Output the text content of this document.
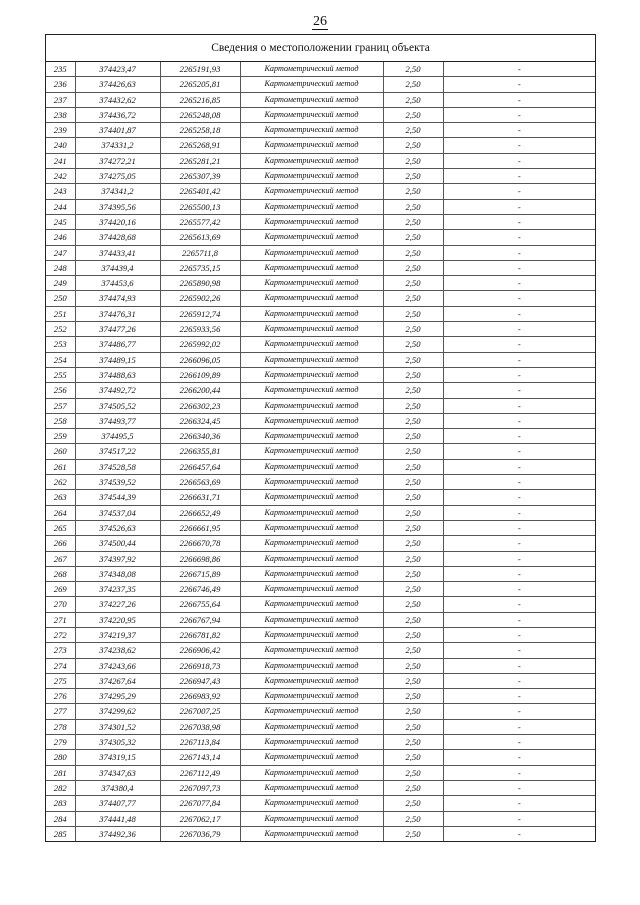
26
Сведения о местоположении границ объекта
235	374423,47	2265191,93	Картометрический метод	2,50	-
236	374426,63	2265205,81	Картометрический метод	2,50	-
237	374432,62	2265216,85	Картометрический метод	2,50	-
238	374436,72	2265248,08	Картометрический метод	2,50	-
239	374401,87	2265258,18	Картометрический метод	2,50	-
240	374331,2	2265268,91	Картометрический метод	2,50	-
241	374272,21	2265281,21	Картометрический метод	2,50	-
242	374275,05	2265307,39	Картометрический метод	2,50	-
243	374341,2	2265401,42	Картометрический метод	2,50	-
244	374395,56	2265500,13	Картометрический метод	2,50	-
245	374420,16	2265577,42	Картометрический метод	2,50	-
246	374428,68	2265613,69	Картометрический метод	2,50	-
247	374433,41	2265711,8	Картометрический метод	2,50	-
248	374439,4	2265735,15	Картометрический метод	2,50	-
249	374453,6	2265890,98	Картометрический метод	2,50	-
250	374474,93	2265902,26	Картометрический метод	2,50	-
251	374476,31	2265912,74	Картометрический метод	2,50	-
252	374477,26	2265933,56	Картометрический метод	2,50	-
253	374486,77	2265992,02	Картометрический метод	2,50	-
254	374489,15	2266096,05	Картометрический метод	2,50	-
255	374488,63	2266109,89	Картометрический метод	2,50	-
256	374492,72	2266200,44	Картометрический метод	2,50	-
257	374505,52	2266302,23	Картометрический метод	2,50	-
258	374493,77	2266324,45	Картометрический метод	2,50	-
259	374495,5	2266340,36	Картометрический метод	2,50	-
260	374517,22	2266355,81	Картометрический метод	2,50	-
261	374528,58	2266457,64	Картометрический метод	2,50	-
262	374539,52	2266563,69	Картометрический метод	2,50	-
263	374544,39	2266631,71	Картометрический метод	2,50	-
264	374537,04	2266652,49	Картометрический метод	2,50	-
265	374526,63	2266661,95	Картометрический метод	2,50	-
266	374500,44	2266670,78	Картометрический метод	2,50	-
267	374397,92	2266698,86	Картометрический метод	2,50	-
268	374348,08	2266715,89	Картометрический метод	2,50	-
269	374237,35	2266746,49	Картометрический метод	2,50	-
270	374227,26	2266755,64	Картометрический метод	2,50	-
271	374220,95	2266767,94	Картометрический метод	2,50	-
272	374219,37	2266781,82	Картометрический метод	2,50	-
273	374238,62	2266906,42	Картометрический метод	2,50	-
274	374243,66	2266918,73	Картометрический метод	2,50	-
275	374267,64	2266947,43	Картометрический метод	2,50	-
276	374295,29	2266983,92	Картометрический метод	2,50	-
277	374299,62	2267007,25	Картометрический метод	2,50	-
278	374301,52	2267038,98	Картометрический метод	2,50	-
279	374305,32	2267113,84	Картометрический метод	2,50	-
280	374319,15	2267143,14	Картометрический метод	2,50	-
281	374347,63	2267112,49	Картометрический метод	2,50	-
282	374380,4	2267097,73	Картометрический метод	2,50	-
283	374407,77	2267077,84	Картометрический метод	2,50	-
284	374441,48	2267062,17	Картометрический метод	2,50	-
285	374492,36	2267036,79	Картометрический метод	2,50	-
